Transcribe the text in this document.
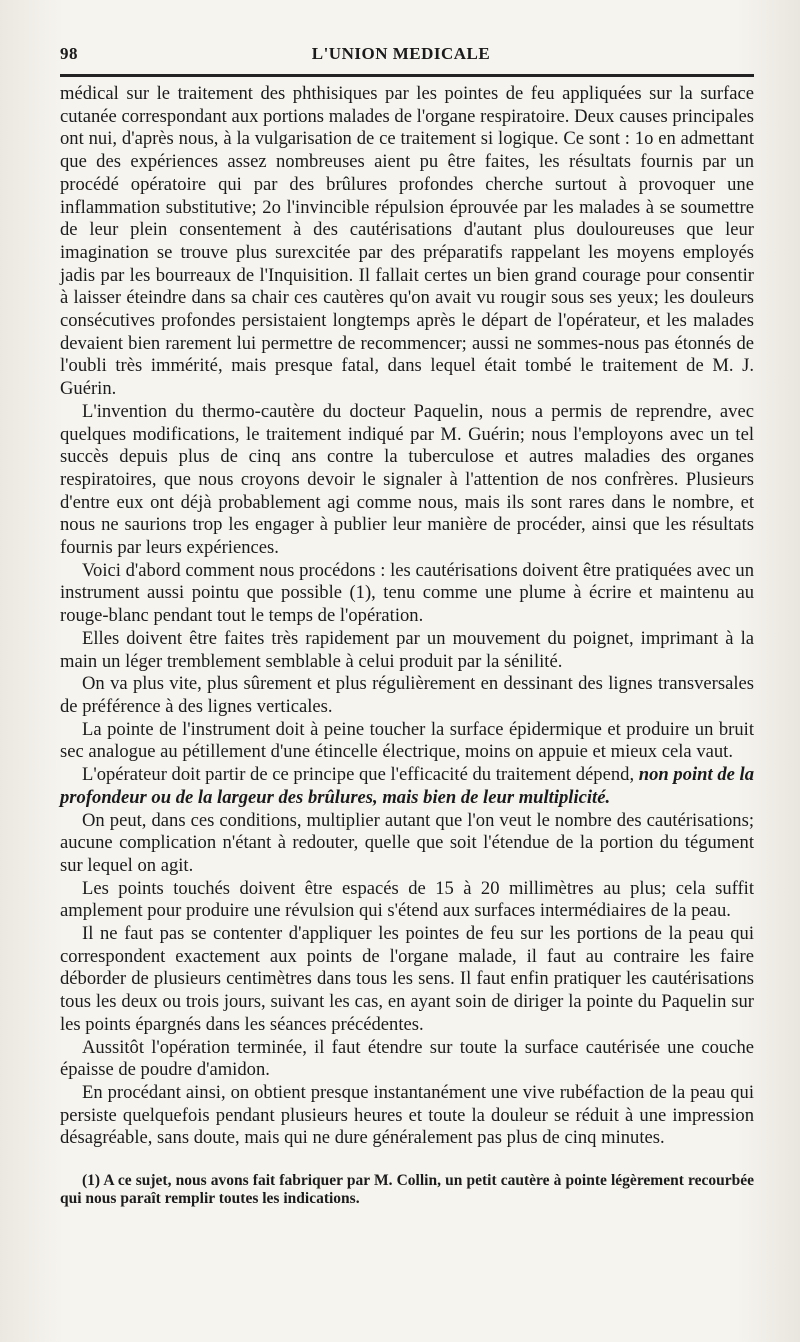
98	L'UNION MEDICALE

médical sur le traitement des phthisiques par les pointes de feu appliquées sur la surface cutanée correspondant aux portions malades de l'organe respiratoire. Deux causes principales ont nui, d'après nous, à la vulgarisation de ce traitement si logique. Ce sont : 1o en admettant que des expériences assez nombreuses aient pu être faites, les résultats fournis par un procédé opératoire qui par des brûlures profondes cherche surtout à provoquer une inflammation substitutive; 2o l'invincible répulsion éprouvée par les malades à se soumettre de leur plein consentement à des cautérisations d'autant plus douloureuses que leur imagination se trouve plus surexcitée par des préparatifs rappelant les moyens employés jadis par les bourreaux de l'Inquisition. Il fallait certes un bien grand courage pour consentir à laisser éteindre dans sa chair ces cautères qu'on avait vu rougir sous ses yeux; les douleurs consécutives profondes persistaient longtemps après le départ de l'opérateur, et les malades devaient bien rarement lui permettre de recommencer; aussi ne sommes-nous pas étonnés de l'oubli très immérité, mais presque fatal, dans lequel était tombé le traitement de M. J. Guérin.

L'invention du thermo-cautère du docteur Paquelin, nous a permis de reprendre, avec quelques modifications, le traitement indiqué par M. Guérin; nous l'employons avec un tel succès depuis plus de cinq ans contre la tuberculose et autres maladies des organes respiratoires, que nous croyons devoir le signaler à l'attention de nos confrères. Plusieurs d'entre eux ont déjà probablement agi comme nous, mais ils sont rares dans le nombre, et nous ne saurions trop les engager à publier leur manière de procéder, ainsi que les résultats fournis par leurs expériences.

Voici d'abord comment nous procédons : les cautérisations doivent être pratiquées avec un instrument aussi pointu que possible (1), tenu comme une plume à écrire et maintenu au rouge-blanc pendant tout le temps de l'opération.

Elles doivent être faites très rapidement par un mouvement du poignet, imprimant à la main un léger tremblement semblable à celui produit par la sénilité.

On va plus vite, plus sûrement et plus régulièrement en dessinant des lignes transversales de préférence à des lignes verticales.

La pointe de l'instrument doit à peine toucher la surface épidermique et produire un bruit sec analogue au pétillement d'une étincelle électrique, moins on appuie et mieux cela vaut.

L'opérateur doit partir de ce principe que l'efficacité du traitement dépend, non point de la profondeur ou de la largeur des brûlures, mais bien de leur multiplicité.

On peut, dans ces conditions, multiplier autant que l'on veut le nombre des cautérisations; aucune complication n'étant à redouter, quelle que soit l'étendue de la portion du tégument sur lequel on agit.

Les points touchés doivent être espacés de 15 à 20 millimètres au plus; cela suffit amplement pour produire une révulsion qui s'étend aux surfaces intermédiaires de la peau.

Il ne faut pas se contenter d'appliquer les pointes de feu sur les portions de la peau qui correspondent exactement aux points de l'organe malade, il faut au contraire les faire déborder de plusieurs centimètres dans tous les sens. Il faut enfin pratiquer les cautérisations tous les deux ou trois jours, suivant les cas, en ayant soin de diriger la pointe du Paquelin sur les points épargnés dans les séances précédentes.

Aussitôt l'opération terminée, il faut étendre sur toute la surface cautérisée une couche épaisse de poudre d'amidon.

En procédant ainsi, on obtient presque instantanément une vive rubéfaction de la peau qui persiste quelquefois pendant plusieurs heures et toute la douleur se réduit à une impression désagréable, sans doute, mais qui ne dure généralement pas plus de cinq minutes.

(1) A ce sujet, nous avons fait fabriquer par M. Collin, un petit cautère à pointe légèrement recourbée qui nous paraît remplir toutes les indications.
